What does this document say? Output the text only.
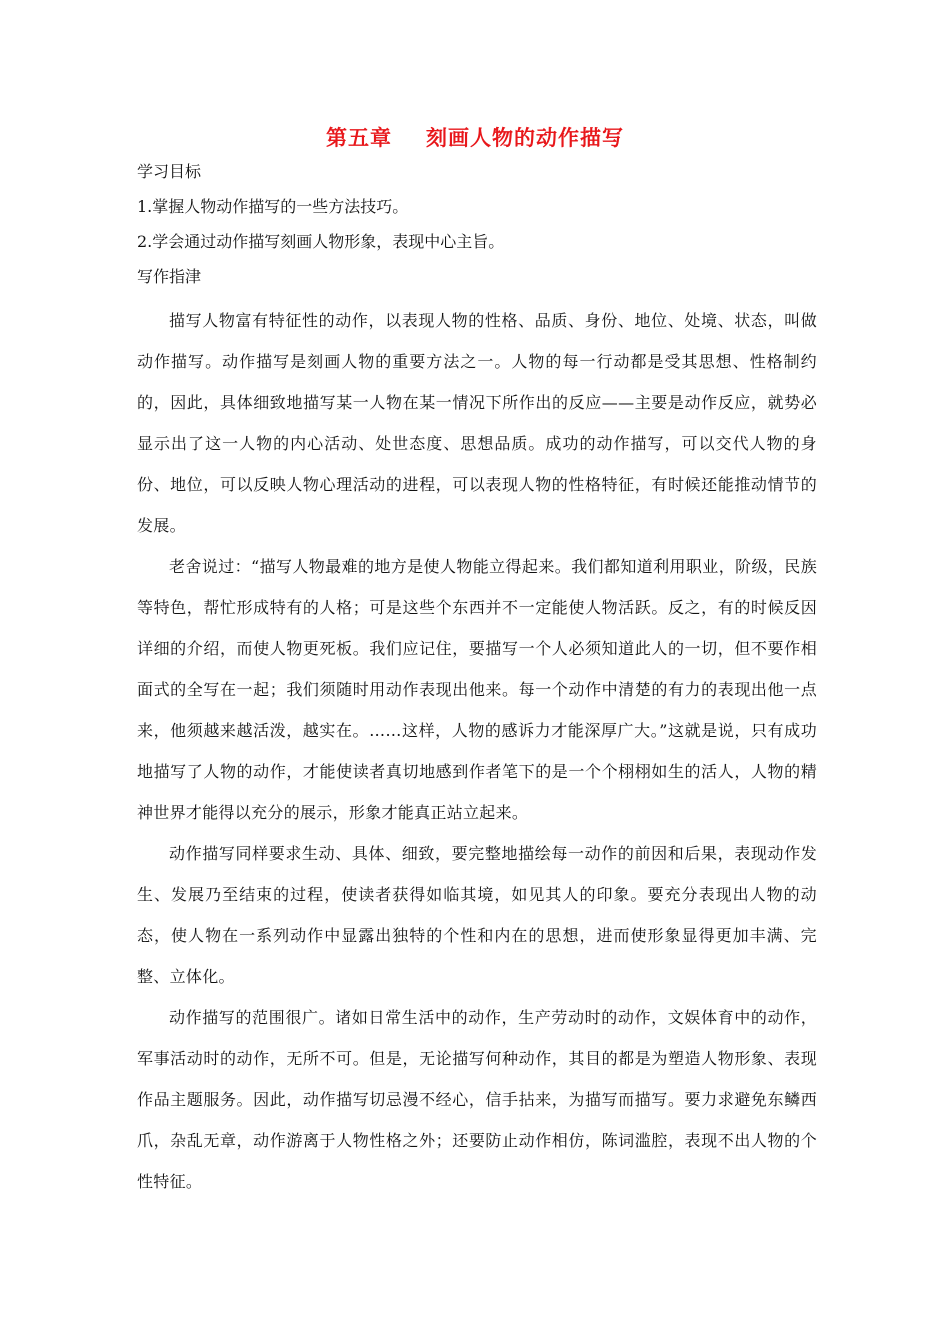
第五章 刻画人物的动作描写
学习目标
1.掌握人物动作描写的一些方法技巧。
2.学会通过动作描写刻画人物形象，表现中心主旨。
写作指津

描写人物富有特征性的动作，以表现人物的性格、品质、身份、地位、处境、状态，叫做动作描写。动作描写是刻画人物的重要方法之一。人物的每一行动都是受其思想、性格制约的，因此，具体细致地描写某一人物在某一情况下所作出的反应——主要是动作反应，就势必显示出了这一人物的内心活动、处世态度、思想品质。成功的动作描写，可以交代人物的身份、地位，可以反映人物心理活动的进程，可以表现人物的性格特征，有时候还能推动情节的发展。

老舍说过：“描写人物最难的地方是使人物能立得起来。我们都知道利用职业，阶级，民族等特色，帮忙形成特有的人格；可是这些个东西并不一定能使人物活跃。反之，有的时候反因详细的介绍，而使人物更死板。我们应记住，要描写一个人必须知道此人的一切，但不要作相面式的全写在一起；我们须随时用动作表现出他来。每一个动作中清楚的有力的表现出他一点来，他须越来越活泼，越实在。……这样，人物的感诉力才能深厚广大。”这就是说，只有成功地描写了人物的动作，才能使读者真切地感到作者笔下的是一个个栩栩如生的活人，人物的精神世界才能得以充分的展示，形象才能真正站立起来。

动作描写同样要求生动、具体、细致，要完整地描绘每一动作的前因和后果，表现动作发生、发展乃至结束的过程，使读者获得如临其境，如见其人的印象。要充分表现出人物的动态，使人物在一系列动作中显露出独特的个性和内在的思想，进而使形象显得更加丰满、完整、立体化。

动作描写的范围很广。诸如日常生活中的动作，生产劳动时的动作，文娱体育中的动作，军事活动时的动作，无所不可。但是，无论描写何种动作，其目的都是为塑造人物形象、表现作品主题服务。因此，动作描写切忌漫不经心，信手拈来，为描写而描写。要力求避免东鳞西爪，杂乱无章，动作游离于人物性格之外；还要防止动作相仿，陈词滥腔，表现不出人物的个性特征。
